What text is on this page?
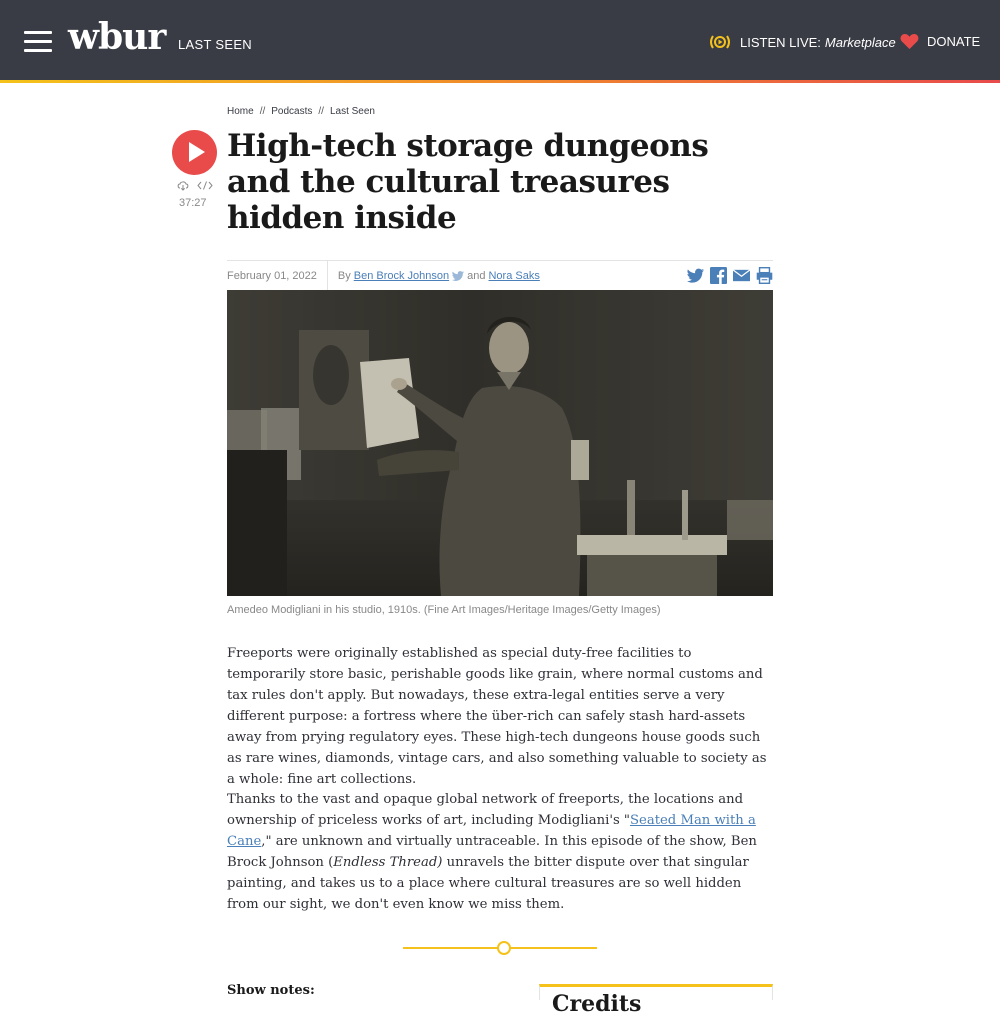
wbur LAST SEEN	LISTEN LIVE: Marketplace DONATE
Home // Podcasts // Last Seen
37:27
High-tech storage dungeons and the cultural treasures hidden inside
February 01, 2022	By Ben Brock Johnson and Nora Saks
Amedeo Modigliani in his studio, 1910s. (Fine Art Images/Heritage Images/Getty Images)

Freeports were originally established as special duty-free facilities to temporarily store basic, perishable goods like grain, where normal customs and tax rules don't apply. But nowadays, these extra-legal entities serve a very different purpose: a fortress where the über-rich can safely stash hard-assets away from prying regulatory eyes. These high-tech dungeons house goods such as rare wines, diamonds, vintage cars, and also something valuable to society as a whole: fine art collections.

Thanks to the vast and opaque global network of freeports, the locations and ownership of priceless works of art, including Modigliani's "Seated Man with a Cane," are unknown and virtually untraceable. In this episode of the show, Ben Brock Johnson (Endless Thread) unravels the bitter dispute over that singular painting, and takes us to a place where cultural treasures are so well hidden from our sight, we don't even know we miss them.

Show notes:
Credits
